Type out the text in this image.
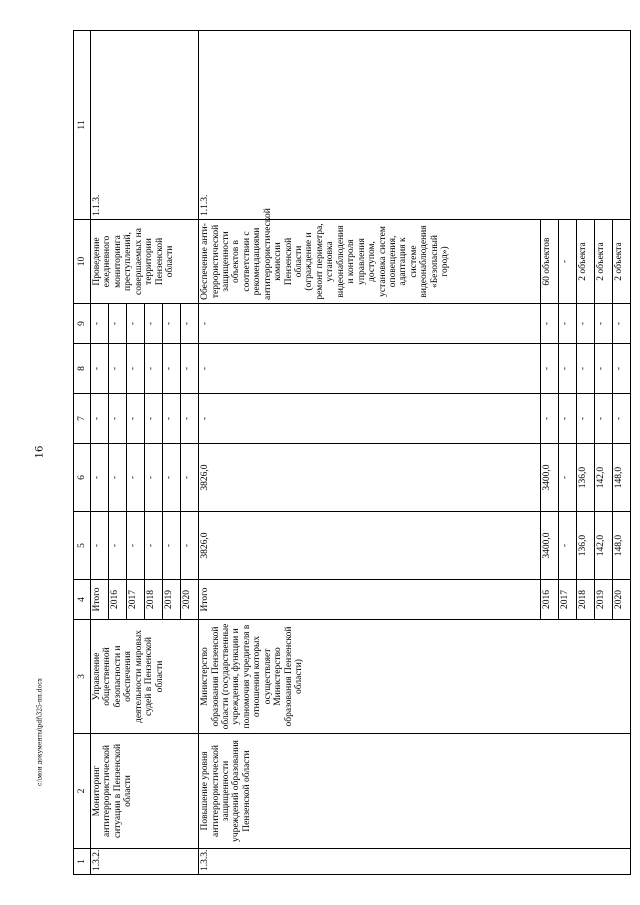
16
c:\мои документы\pdf\325-пп.docx
1	2	3	4	5	6	7	8	9	10	11
1.3.2.	Мониторинг антитеррористической ситуации в Пензенской области	Управление общественной безопасности и обеспечения деятельности мировых судей в Пензенской области	Итого	-	-	-	-	-	Проведение ежедневного мониторинга преступлений, совершаемых на территории Пензенской области	1.1.3.
			2016	-	-	-	-	-		
			2017	-	-	-	-	-		
			2018	-	-	-	-	-		
			2019	-	-	-	-	-		
			2020	-	-	-	-	-		
1.3.3.	Повышение уровня антитеррористической защищенности учреждений образования Пензенской области	Министерство образования Пензенской области (государственные учреждения, функции и полномочия учредителя в отношении которых осуществляет Министерство образования Пензенской области)	Итого	3826,0	3826,0	-	-	-	Обеспечение анти-террористической защищенности объектов в соответствии с рекомендациями антитеррористической комиссии Пензенской области (ограждение и ремонт периметра, установка видеонаблюдения и контроля управления доступом, установка систем оповещения, адаптация к системе видеонаблюдения «Безопасный город»)	1.1.3.
			2016	3400,0	3400,0	-	-	-	60 объектов	
			2017	-	-	-	-	-	-	
			2018	136,0	136,0	-	-	-	2 объекта	
			2019	142,0	142,0	-	-	-	2 объекта	
			2020	148,0	148,0	-	-	-	2 объекта	
